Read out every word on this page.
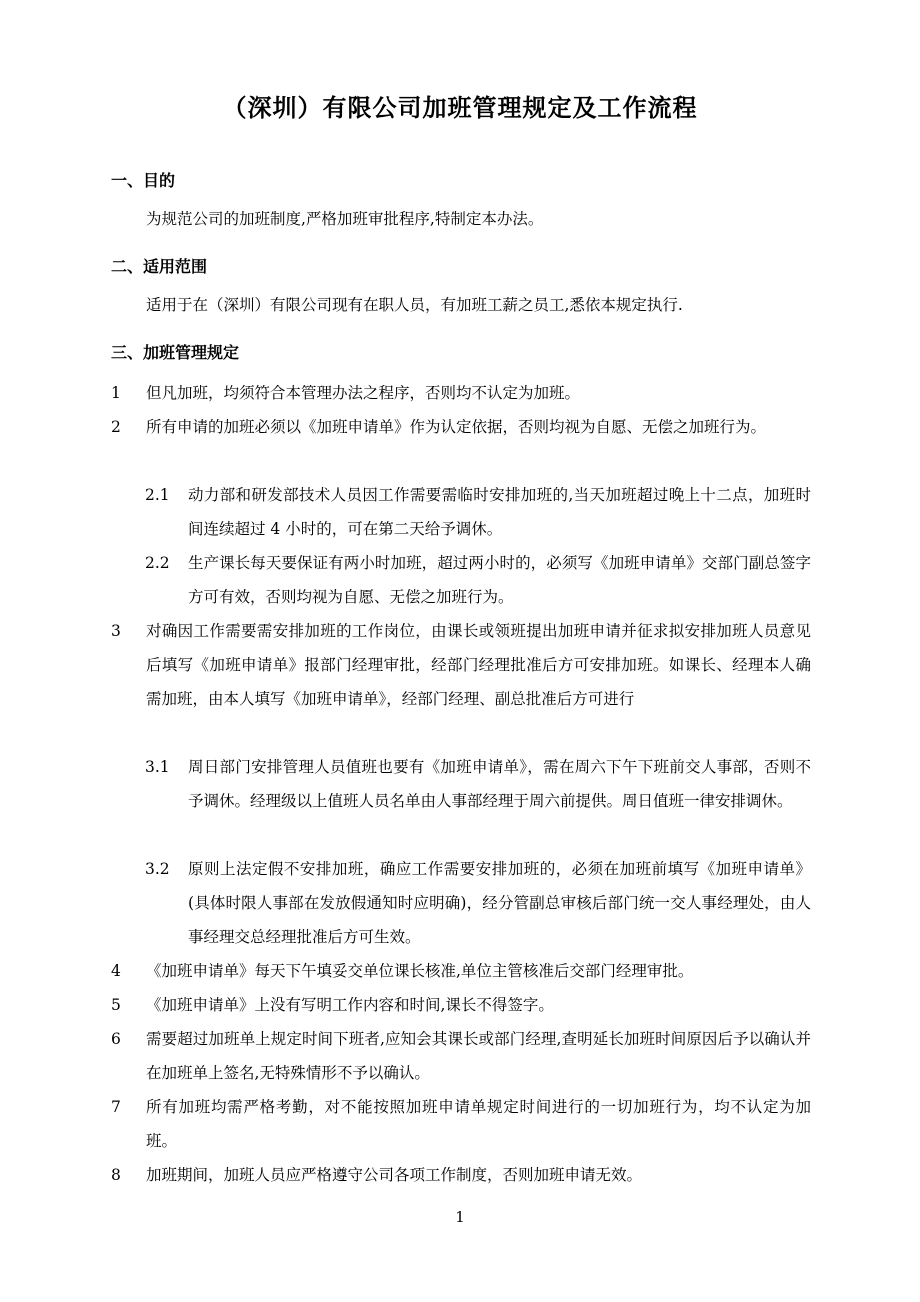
（深圳）有限公司加班管理规定及工作流程
一、目的
为规范公司的加班制度,严格加班审批程序,特制定本办法。
二、适用范围
适用于在（深圳）有限公司现有在职人员，有加班工薪之员工,悉依本规定执行.
三、加班管理规定
1	但凡加班，均须符合本管理办法之程序，否则均不认定为加班。
2	所有申请的加班必须以《加班申请单》作为认定依据，否则均视为自愿、无偿之加班行为。
2.1	动力部和研发部技术人员因工作需要需临时安排加班的,当天加班超过晚上十二点，加班时间连续超过 4 小时的，可在第二天给予调休。
2.2	生产课长每天要保证有两小时加班，超过两小时的，必须写《加班申请单》交部门副总签字方可有效，否则均视为自愿、无偿之加班行为。
3	对确因工作需要需安排加班的工作岗位，由课长或领班提出加班申请并征求拟安排加班人员意见后填写《加班申请单》报部门经理审批，经部门经理批准后方可安排加班。如课长、经理本人确需加班，由本人填写《加班申请单》，经部门经理、副总批准后方可进行
3.1	周日部门安排管理人员值班也要有《加班申请单》，需在周六下午下班前交人事部，否则不予调休。经理级以上值班人员名单由人事部经理于周六前提供。周日值班一律安排调休。
3.2	原则上法定假不安排加班，确应工作需要安排加班的，必须在加班前填写《加班申请单》(具体时限人事部在发放假通知时应明确)，经分管副总审核后部门统一交人事经理处，由人事经理交总经理批准后方可生效。
4	《加班申请单》每天下午填妥交单位课长核准,单位主管核准后交部门经理审批。
5	《加班申请单》上没有写明工作内容和时间,课长不得签字。
6	需要超过加班单上规定时间下班者,应知会其课长或部门经理,查明延长加班时间原因后予以确认并在加班单上签名,无特殊情形不予以确认。
7	所有加班均需严格考勤，对不能按照加班申请单规定时间进行的一切加班行为，均不认定为加班。
8	加班期间，加班人员应严格遵守公司各项工作制度，否则加班申请无效。
1
